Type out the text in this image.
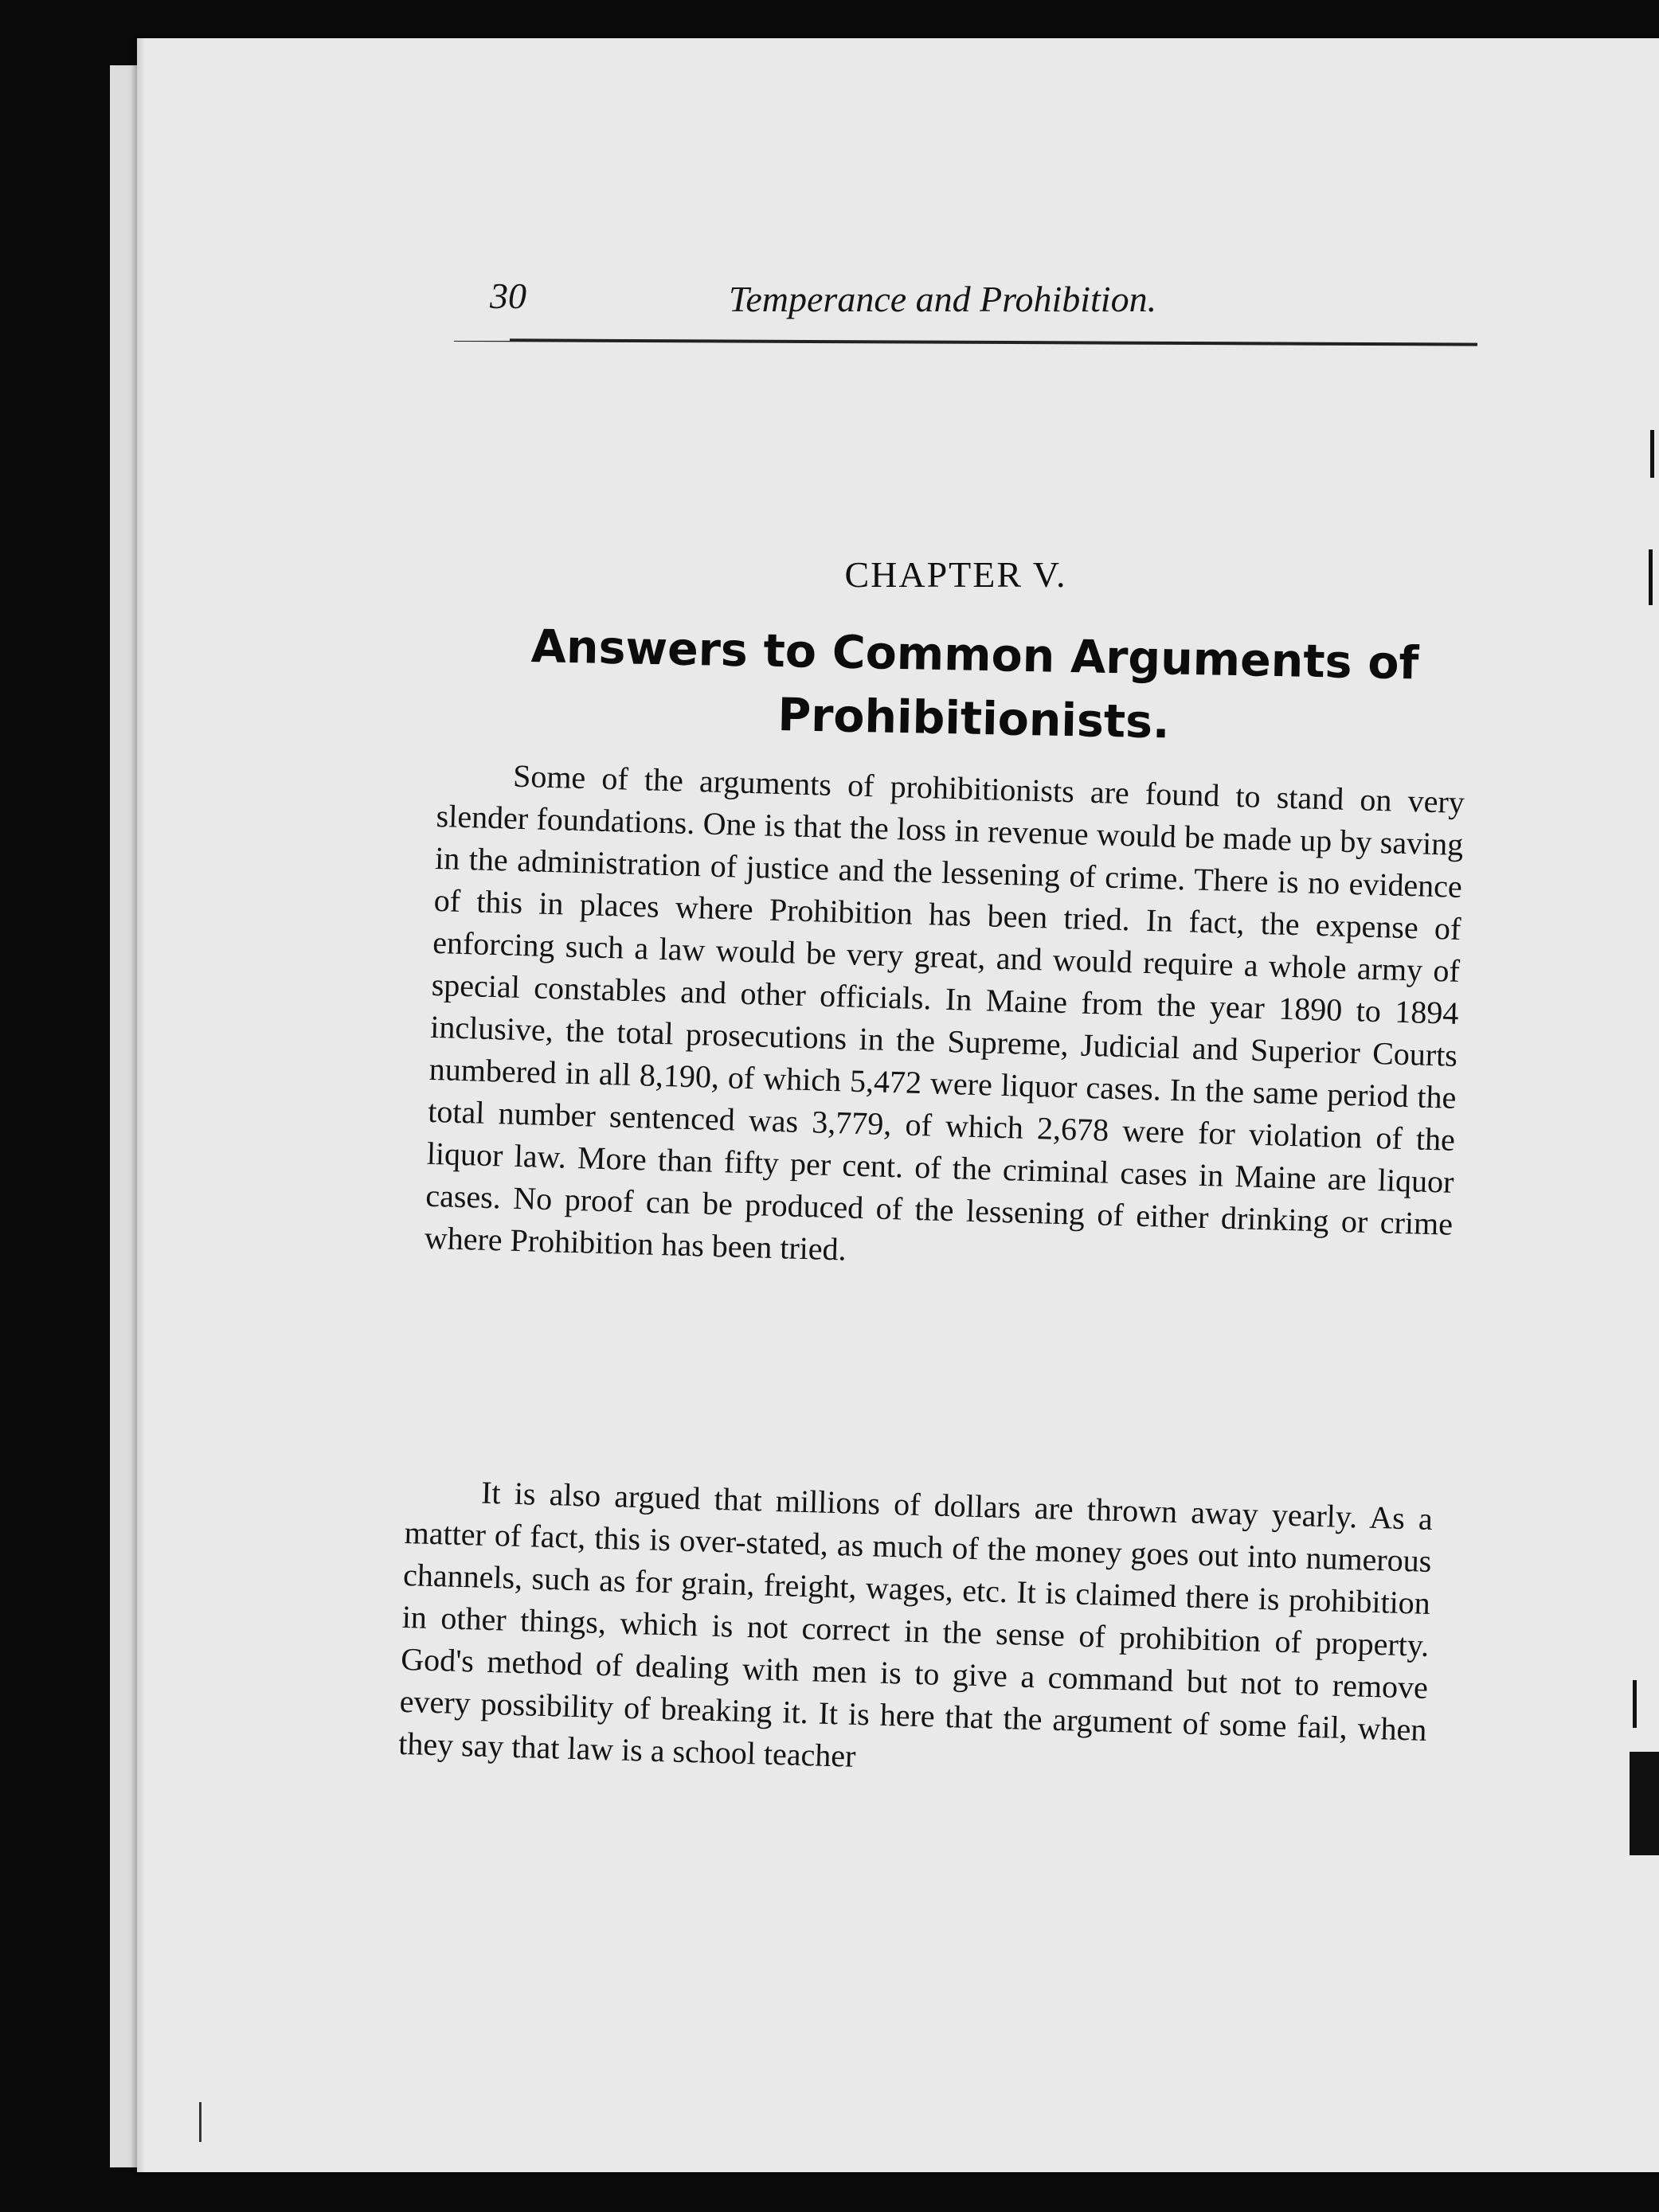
30	Temperance and Prohibition.
CHAPTER V.
Answers to Common Arguments of Prohibitionists.
Some of the arguments of prohibitionists are found to stand on very slender foundations. One is that the loss in revenue would be made up by saving in the administration of justice and the lessening of crime. There is no evidence of this in places where Prohibition has been tried. In fact, the expense of enforcing such a law would be very great, and would require a whole army of special constables and other officials. In Maine from the year 1890 to 1894 inclusive, the total prosecutions in the Supreme, Judicial and Superior Courts numbered in all 8,190, of which 5,472 were liquor cases. In the same period the total number sentenced was 3,779, of which 2,678 were for violation of the liquor law. More than fifty per cent. of the criminal cases in Maine are liquor cases. No proof can be produced of the lessening of either drinking or crime where Prohibition has been tried.
It is also argued that millions of dollars are thrown away yearly. As a matter of fact, this is over-stated, as much of the money goes out into numerous channels, such as for grain, freight, wages, etc. It is claimed there is prohibition in other things, which is not correct in the sense of prohibition of property. God's method of dealing with men is to give a command but not to remove every possibility of breaking it. It is here that the argument of some fail, when they say that law is a school teacher
